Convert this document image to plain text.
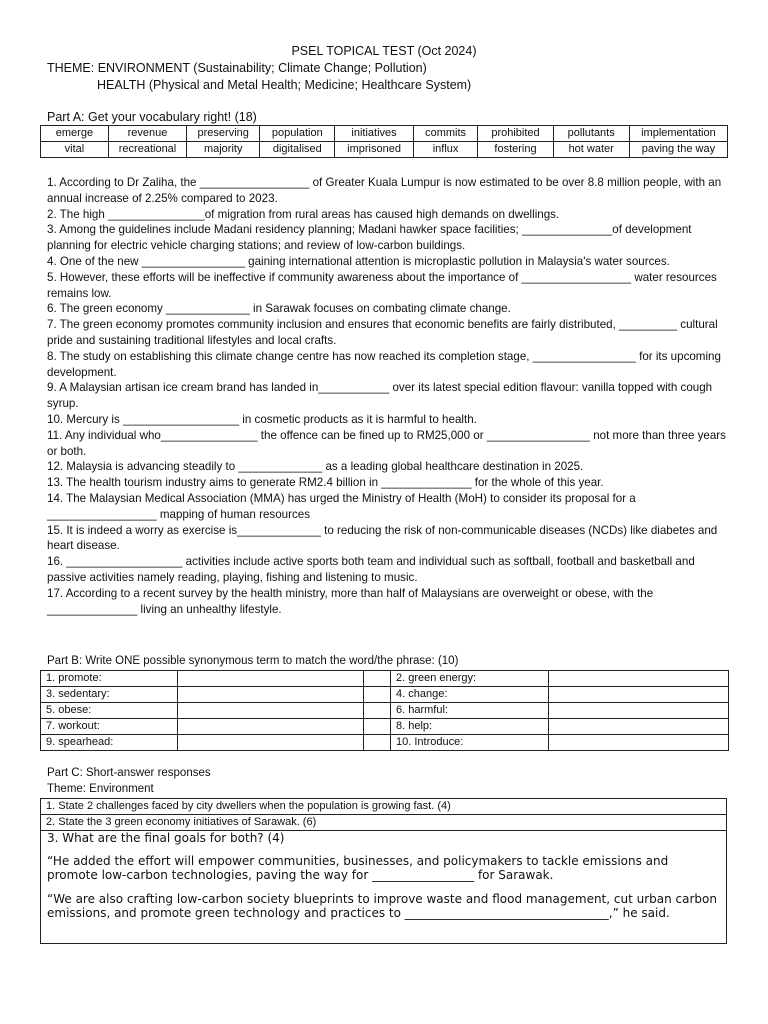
PSEL TOPICAL TEST (Oct 2024)
THEME: ENVIRONMENT (Sustainability; Climate Change; Pollution)
HEALTH (Physical and Metal Health; Medicine; Healthcare System)
Part A: Get your vocabulary right! (18)
emerge	revenue	preserving	population	initiatives	commits	prohibited	pollutants	implementation
vital	recreational	majority	digitalised	imprisoned	influx	fostering	hot water	paving the way

1. According to Dr Zaliha, the _________________ of Greater Kuala Lumpur is now estimated to be over 8.8 million people, with an annual increase of 2.25% compared to 2023.

2. The high _______________of migration from rural areas has caused high demands on dwellings.

3. Among the guidelines include Madani residency planning; Madani hawker space facilities; ______________of development planning for electric vehicle charging stations; and review of low-carbon buildings.

4. One of the new ________________ gaining international attention is microplastic pollution in Malaysia's water sources.

5. However, these efforts will be ineffective if community awareness about the importance of _________________ water resources remains low.

6. The green economy _____________ in Sarawak focuses on combating climate change.

7. The green economy promotes community inclusion and ensures that economic benefits are fairly distributed, _________ cultural pride and sustaining traditional lifestyles and local crafts.

8. The study on establishing this climate change centre has now reached its completion stage, ________________ for its upcoming development.

9. A Malaysian artisan ice cream brand has landed in___________ over its latest special edition flavour: vanilla topped with cough syrup.

10. Mercury is __________________ in cosmetic products as it is harmful to health.

11. Any individual who_______________ the offence can be fined up to RM25,000 or ________________ not more than three years or both.

12. Malaysia is advancing steadily to _____________ as a leading global healthcare destination in 2025.

13. The health tourism industry aims to generate RM2.4 billion in ______________ for the whole of this year.

14. The Malaysian Medical Association (MMA) has urged the Ministry of Health (MoH) to consider its proposal for a _________________ mapping of human resources

15. It is indeed a worry as exercise is_____________ to reducing the risk of non-communicable diseases (NCDs) like diabetes and heart disease.

16. __________________ activities include active sports both team and individual such as softball, football and basketball and passive activities namely reading, playing, fishing and listening to music.

17. According to a recent survey by the health ministry, more than half of Malaysians are overweight or obese, with the ______________ living an unhealthy lifestyle.

Part B: Write ONE possible synonymous term to match the word/the phrase: (10)
1. promote:			2. green energy:	
3. sedentary:			4. change:	
5. obese:			6. harmful:	
7. workout:			8. help:	
9. spearhead:			10. Introduce:	
Part C: Short-answer responses
Theme: Environment
1. State 2 challenges faced by city dwellers when the population is growing fast. (4)
2. State the 3 green economy initiatives of Sarawak. (6)

3. What are the final goals for both? (4)

“He added the effort will empower communities, businesses, and policymakers to tackle emissions and promote low-carbon technologies, paving the way for _________________ for Sarawak.

“We are also crafting low-carbon society blueprints to improve waste and flood management, cut urban carbon emissions, and promote green technology and practices to __________________________________,” he said.
